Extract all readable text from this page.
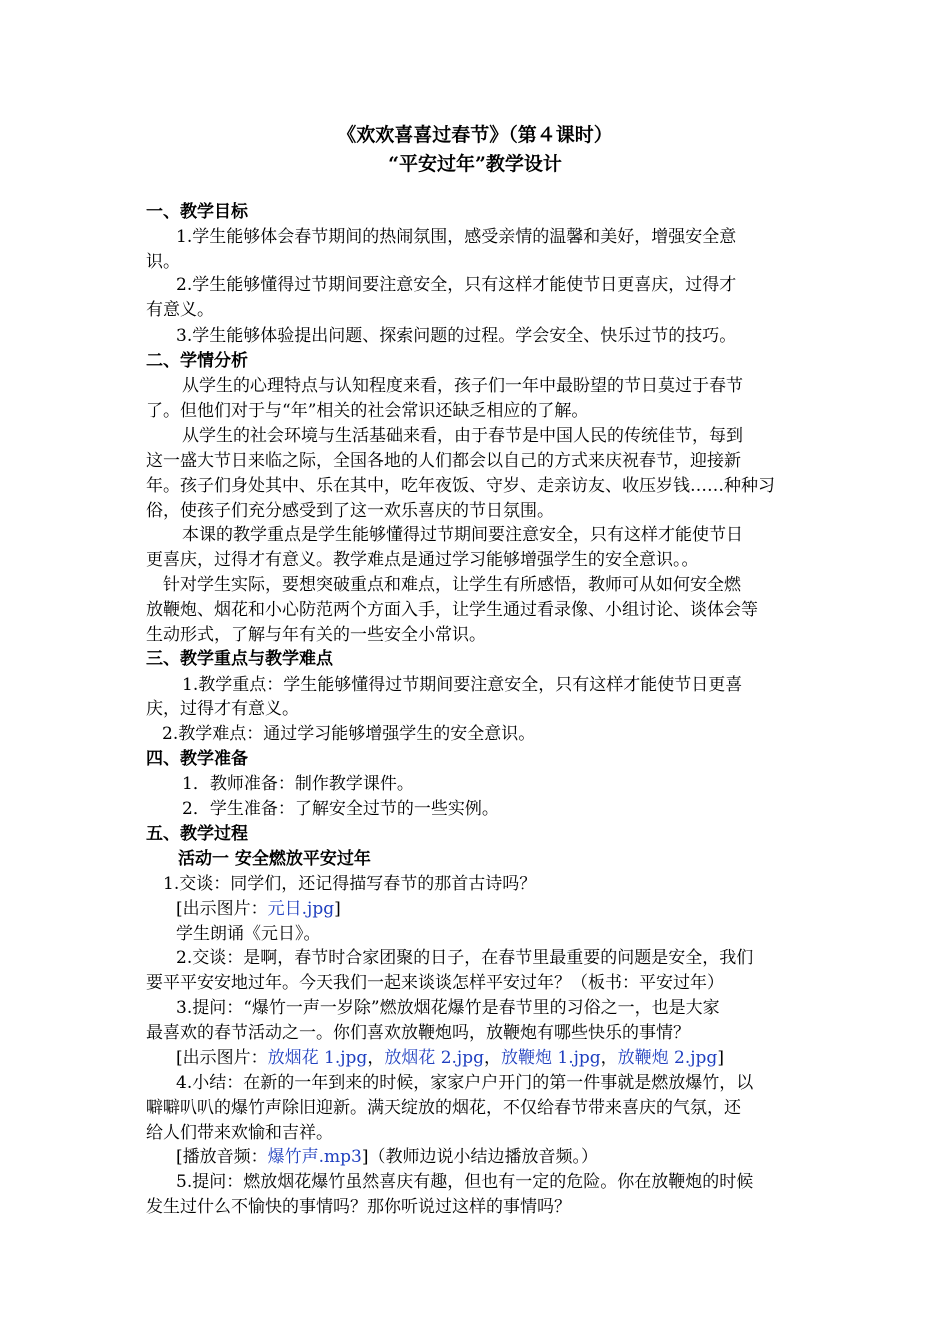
《欢欢喜喜过春节》（第４课时）
“平安过年”教学设计
一、教学目标
1.学生能够体会春节期间的热闹氛围，感受亲情的温馨和美好，增强安全意
识。
2.学生能够懂得过节期间要注意安全，只有这样才能使节日更喜庆，过得才
有意义。
3.学生能够体验提出问题、探索问题的过程。学会安全、快乐过节的技巧。
二、学情分析
从学生的心理特点与认知程度来看，孩子们一年中最盼望的节日莫过于春节
了。但他们对于与“年”相关的社会常识还缺乏相应的了解。
从学生的社会环境与生活基础来看，由于春节是中国人民的传统佳节，每到
这一盛大节日来临之际，全国各地的人们都会以自己的方式来庆祝春节，迎接新
年。孩子们身处其中、乐在其中，吃年夜饭、守岁、走亲访友、收压岁钱……种种习
俗，使孩子们充分感受到了这一欢乐喜庆的节日氛围。
本课的教学重点是学生能够懂得过节期间要注意安全，只有这样才能使节日
更喜庆，过得才有意义。教学难点是通过学习能够增强学生的安全意识。。
针对学生实际，要想突破重点和难点，让学生有所感悟，教师可从如何安全燃
放鞭炮、烟花和小心防范两个方面入手，让学生通过看录像、小组讨论、谈体会等
生动形式，了解与年有关的一些安全小常识。
三、教学重点与教学难点
1.教学重点：学生能够懂得过节期间要注意安全，只有这样才能使节日更喜
庆，过得才有意义。
2.教学难点：通过学习能够增强学生的安全意识。
四、教学准备
1．教师准备：制作教学课件。
2．学生准备：了解安全过节的一些实例。
五、教学过程
活动一 安全燃放平安过年
1.交谈：同学们，还记得描写春节的那首古诗吗？
[出示图片：元日.jpg]
学生朗诵《元日》。
2.交谈：是啊，春节时合家团聚的日子，在春节里最重要的问题是安全，我们
要平平安安地过年。今天我们一起来谈谈怎样平安过年？（板书：平安过年）
3.提问：“爆竹一声一岁除”燃放烟花爆竹是春节里的习俗之一，也是大家
最喜欢的春节活动之一。你们喜欢放鞭炮吗，放鞭炮有哪些快乐的事情？
[出示图片：放烟花 1.jpg，放烟花 2.jpg，放鞭炮 1.jpg，放鞭炮 2.jpg]
4.小结：在新的一年到来的时候，家家户户开门的第一件事就是燃放爆竹，以
噼噼叭叭的爆竹声除旧迎新。满天绽放的烟花，不仅给春节带来喜庆的气氛，还
给人们带来欢愉和吉祥。
[播放音频：爆竹声.mp3]（教师边说小结边播放音频。）
5.提问：燃放烟花爆竹虽然喜庆有趣，但也有一定的危险。你在放鞭炮的时候
发生过什么不愉快的事情吗？那你听说过这样的事情吗？
